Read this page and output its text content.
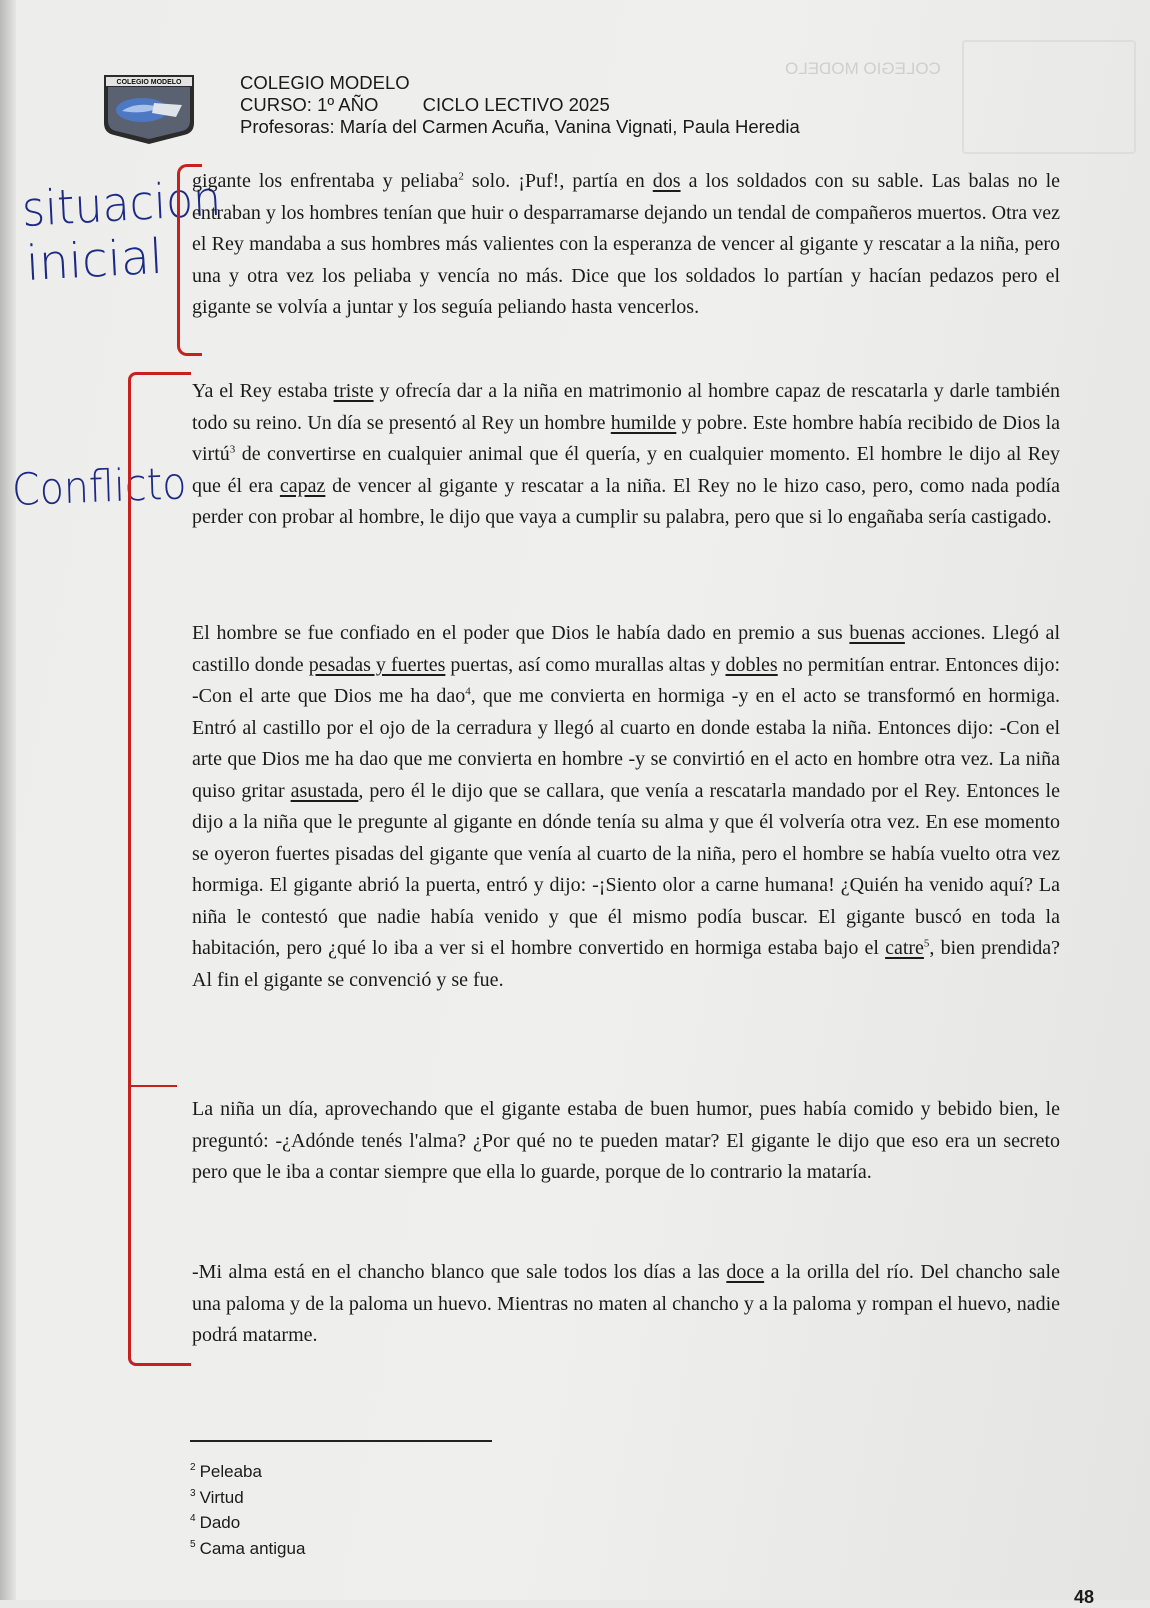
COLEGIO MODELO
COLEGIO MODELO	COLEGIO MODELO
CURSO: 1º AÑO CICLO LECTIVO 2025
Profesoras: María del Carmen Acuña, Vanina Vignati, Paula Heredia
situacion
inicial
Conflicto
gigante los enfrentaba y peliaba$^2$ solo. ¡Puf!, partía en dos a los soldados con su sable. Las balas no le entraban y los hombres tenían que huir o desparramarse dejando un tendal de compañeros muertos. Otra vez el Rey mandaba a sus hombres más valientes con la esperanza de vencer al gigante y rescatar a la niña, pero una y otra vez los peliaba y vencía no más. Dice que los soldados lo partían y hacían pedazos pero el gigante se volvía a juntar y los seguía peliando hasta vencerlos.
Ya el Rey estaba triste y ofrecía dar a la niña en matrimonio al hombre capaz de rescatarla y darle también todo su reino. Un día se presentó al Rey un hombre humilde y pobre. Este hombre había recibido de Dios la virtú$^3$ de convertirse en cualquier animal que él quería, y en cualquier momento. El hombre le dijo al Rey que él era capaz de vencer al gigante y rescatar a la niña. El Rey no le hizo caso, pero, como nada podía perder con probar al hombre, le dijo que vaya a cumplir su palabra, pero que si lo engañaba sería castigado.
El hombre se fue confiado en el poder que Dios le había dado en premio a sus buenas acciones. Llegó al castillo donde pesadas y fuertes puertas, así como murallas altas y dobles no permitían entrar. Entonces dijo: -Con el arte que Dios me ha dao$^4$, que me convierta en hormiga -y en el acto se transformó en hormiga. Entró al castillo por el ojo de la cerradura y llegó al cuarto en donde estaba la niña. Entonces dijo: -Con el arte que Dios me ha dao que me convierta en hombre -y se convirtió en el acto en hombre otra vez. La niña quiso gritar asustada, pero él le dijo que se callara, que venía a rescatarla mandado por el Rey. Entonces le dijo a la niña que le pregunte al gigante en dónde tenía su alma y que él volvería otra vez. En ese momento se oyeron fuertes pisadas del gigante que venía al cuarto de la niña, pero el hombre se había vuelto otra vez hormiga. El gigante abrió la puerta, entró y dijo: -¡Siento olor a carne humana! ¿Quién ha venido aquí? La niña le contestó que nadie había venido y que él mismo podía buscar. El gigante buscó en toda la habitación, pero ¿qué lo iba a ver si el hombre convertido en hormiga estaba bajo el catre$^5$, bien prendida? Al fin el gigante se convenció y se fue.
La niña un día, aprovechando que el gigante estaba de buen humor, pues había comido y bebido bien, le preguntó: -¿Adónde tenés l'alma? ¿Por qué no te pueden matar? El gigante le dijo que eso era un secreto pero que le iba a contar siempre que ella lo guarde, porque de lo contrario la mataría.
-Mi alma está en el chancho blanco que sale todos los días a las doce a la orilla del río. Del chancho sale una paloma y de la paloma un huevo. Mientras no maten al chancho y a la paloma y rompan el huevo, nadie podrá matarme.
$^2$ Peleaba
$^3$ Virtud
$^4$ Dado
$^5$ Cama antigua
48
